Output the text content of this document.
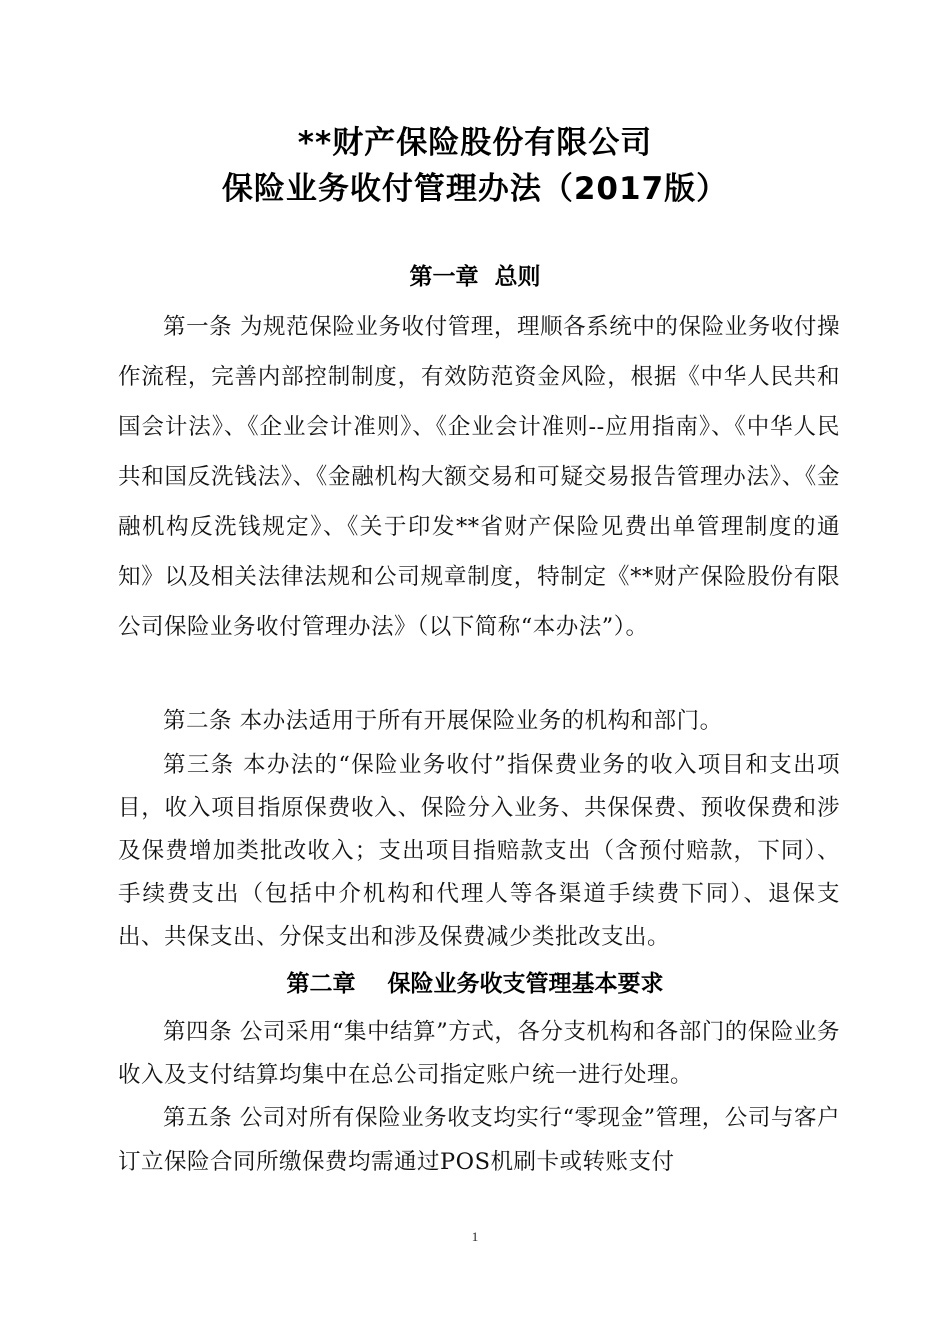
**财产保险股份有限公司
保险业务收付管理办法（2017版）
第一章  总则
第一条 为规范保险业务收付管理，理顺各系统中的保险业务收付操作流程，完善内部控制制度，有效防范资金风险，根据《中华人民共和国会计法》、《企业会计准则》、《企业会计准则--应用指南》、《中华人民共和国反洗钱法》、《金融机构大额交易和可疑交易报告管理办法》、《金融机构反洗钱规定》、《关于印发**省财产保险见费出单管理制度的通知》以及相关法律法规和公司规章制度，特制定《**财产保险股份有限公司保险业务收付管理办法》（以下简称“本办法”）。
第二条 本办法适用于所有开展保险业务的机构和部门。
第三条 本办法的“保险业务收付”指保费业务的收入项目和支出项目，收入项目指原保费收入、保险分入业务、共保保费、预收保费和涉及保费增加类批改收入；支出项目指赔款支出（含预付赔款，下同）、手续费支出（包括中介机构和代理人等各渠道手续费下同）、退保支出、共保支出、分保支出和涉及保费减少类批改支出。
第二章    保险业务收支管理基本要求
第四条 公司采用“集中结算”方式，各分支机构和各部门的保险业务收入及支付结算均集中在总公司指定账户统一进行处理。
第五条 公司对所有保险业务收支均实行“零现金”管理，公司与客户订立保险合同所缴保费均需通过POS机刷卡或转账支付
1
